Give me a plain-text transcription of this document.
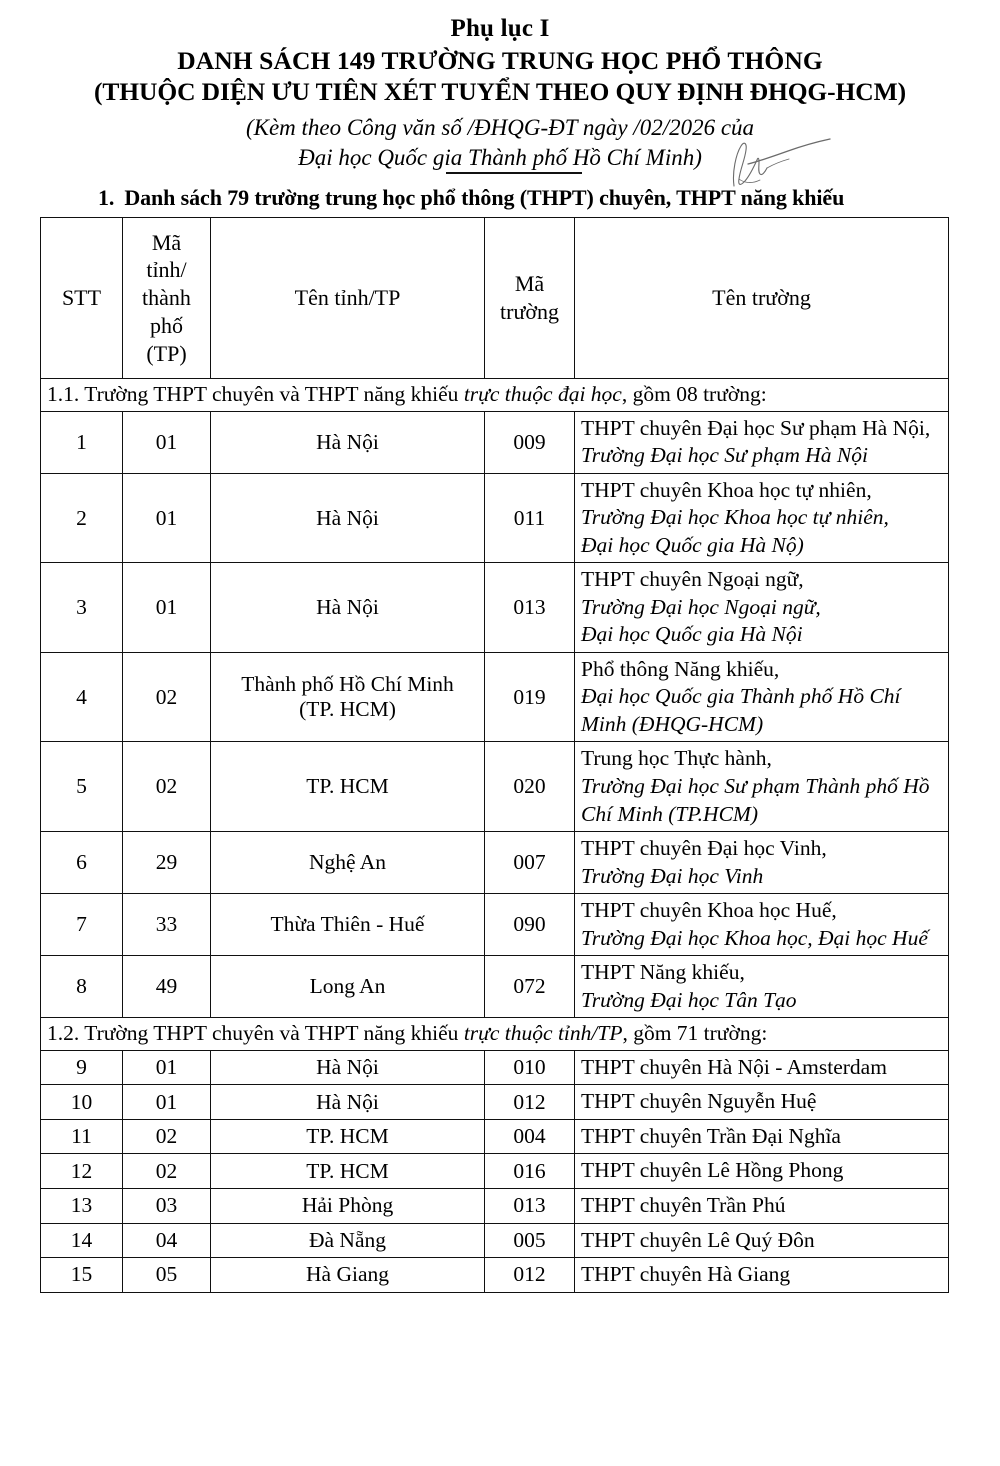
Phụ lục I
DANH SÁCH 149 TRƯỜNG TRUNG HỌC PHỔ THÔNG
(THUỘC DIỆN ƯU TIÊN XÉT TUYỂN THEO QUY ĐỊNH ĐHQG-HCM)
(Kèm theo Công văn số /ĐHQG-ĐT ngày /02/2026 của
Đại học Quốc gia Thành phố Hồ Chí Minh)
1. Danh sách 79 trường trung học phổ thông (THPT) chuyên, THPT năng khiếu
STT	Mã
tỉnh/
thành
phố
(TP)	Tên tỉnh/TP	Mã
trường	Tên trường
1.1. Trường THPT chuyên và THPT năng khiếu trực thuộc đại học, gồm 08 trường:				
1	01	Hà Nội	009	THPT chuyên Đại học Sư phạm Hà Nội,
Trường Đại học Sư phạm Hà Nội

2	01	Hà Nội	011	THPT chuyên Khoa học tự nhiên,
Trường Đại học Khoa học tự nhiên,
Đại học Quốc gia Hà Nộ)

3	01	Hà Nội	013	THPT chuyên Ngoại ngữ,
Trường Đại học Ngoại ngữ,
Đại học Quốc gia Hà Nội

4	02	Thành phố Hồ Chí Minh
(TP. HCM)	019	Phổ thông Năng khiếu,
Đại học Quốc gia Thành phố Hồ Chí Minh (ĐHQG-HCM)

5	02	TP. HCM	020	Trung học Thực hành,
Trường Đại học Sư phạm Thành phố Hồ Chí Minh (TP.HCM)

6	29	Nghệ An	007	THPT chuyên Đại học Vinh,
Trường Đại học Vinh

7	33	Thừa Thiên - Huế	090	THPT chuyên Khoa học Huế,
Trường Đại học Khoa học, Đại học Huế

8	49	Long An	072	THPT Năng khiếu,
Trường Đại học Tân Tạo

1.2. Trường THPT chuyên và THPT năng khiếu trực thuộc tỉnh/TP, gồm 71 trường:				
9	01	Hà Nội	010	THPT chuyên Hà Nội - Amsterdam

10	01	Hà Nội	012	THPT chuyên Nguyễn Huệ

11	02	TP. HCM	004	THPT chuyên Trần Đại Nghĩa

12	02	TP. HCM	016	THPT chuyên Lê Hồng Phong

13	03	Hải Phòng	013	THPT chuyên Trần Phú

14	04	Đà Nẵng	005	THPT chuyên Lê Quý Đôn

15	05	Hà Giang	012	THPT chuyên Hà Giang
